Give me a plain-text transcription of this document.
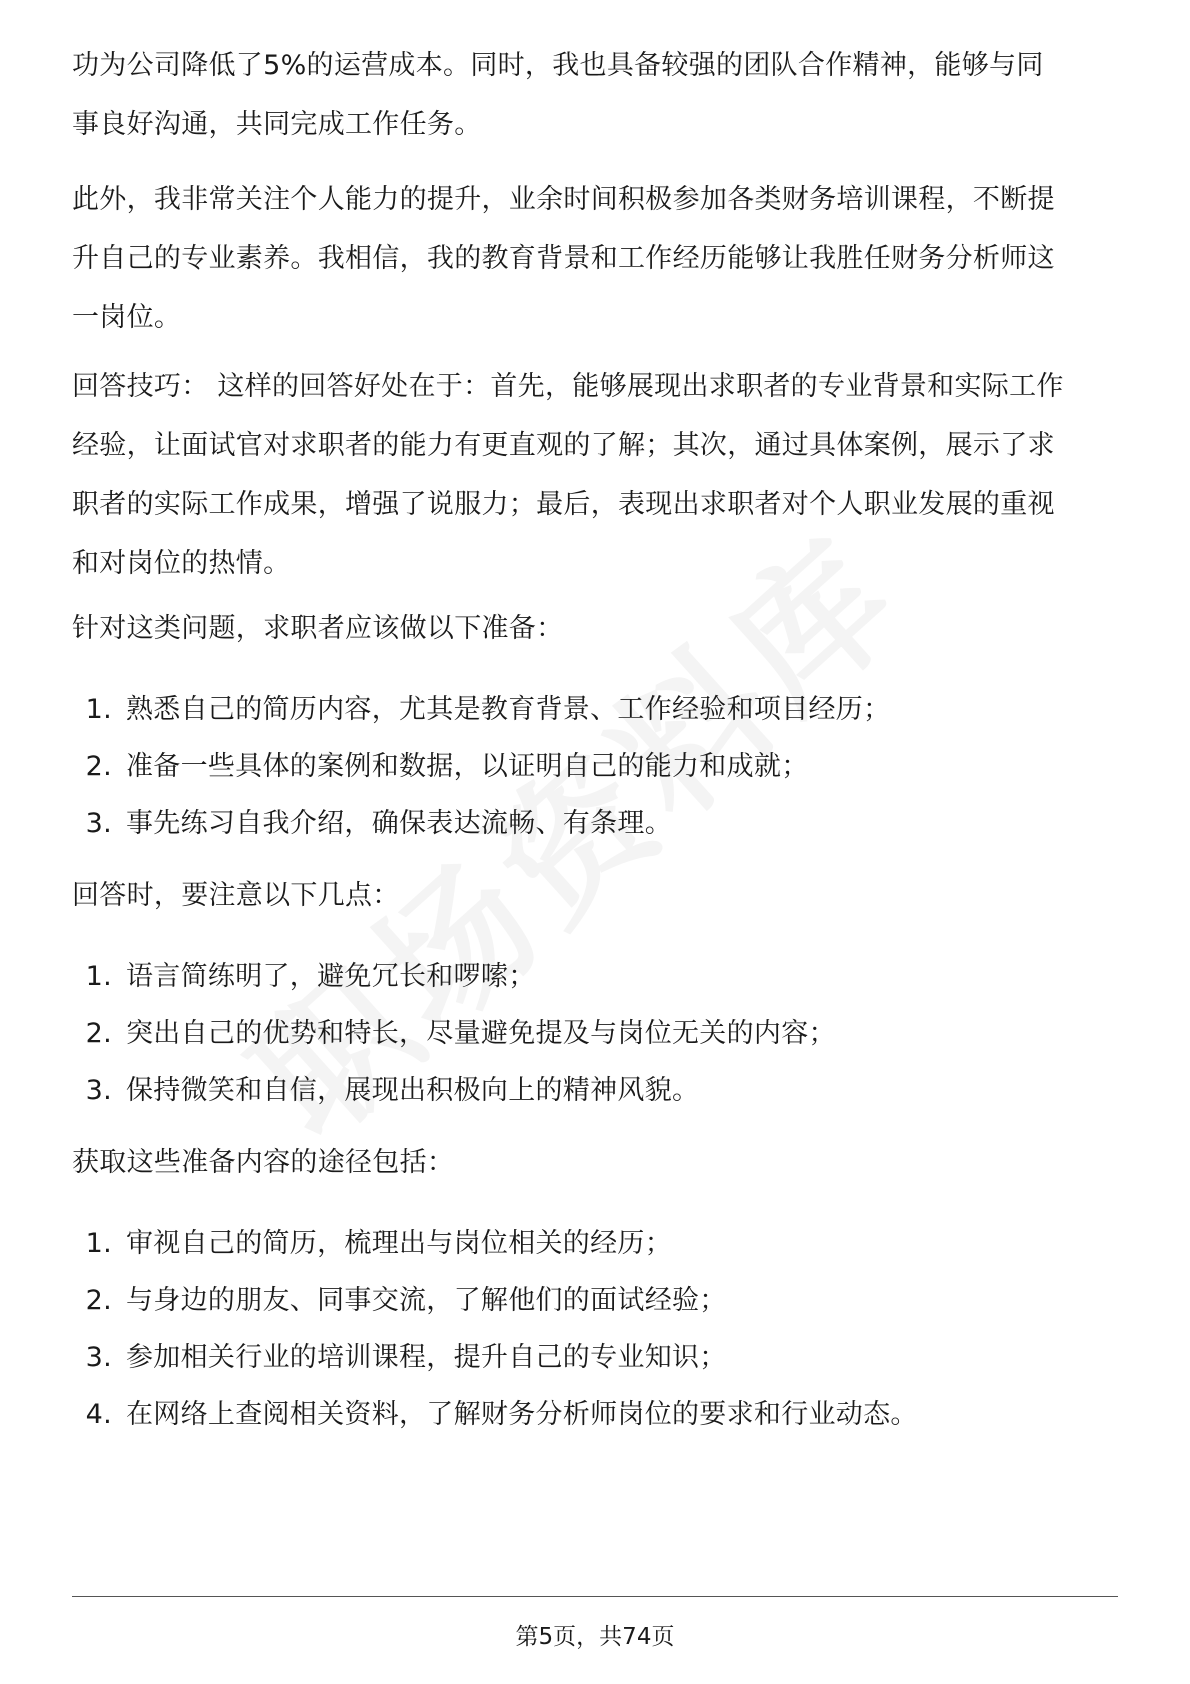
功为公司降低了5%的运营成本。同时，我也具备较强的团队合作精神，能够与同
事良好沟通，共同完成工作任务。

此外，我非常关注个人能力的提升，业余时间积极参加各类财务培训课程，不断提
升自己的专业素养。我相信，我的教育背景和工作经历能够让我胜任财务分析师这
一岗位。

回答技巧： 这样的回答好处在于：首先，能够展现出求职者的专业背景和实际工作
经验，让面试官对求职者的能力有更直观的了解；其次，通过具体案例，展示了求
职者的实际工作成果，增强了说服力；最后，表现出求职者对个人职业发展的重视
和对岗位的热情。

针对这类问题，求职者应该做以下准备：

1. 熟悉自己的简历内容，尤其是教育背景、工作经验和项目经历；
2. 准备一些具体的案例和数据，以证明自己的能力和成就；
3. 事先练习自我介绍，确保表达流畅、有条理。

回答时，要注意以下几点：

1. 语言简练明了，避免冗长和啰嗦；
2. 突出自己的优势和特长，尽量避免提及与岗位无关的内容；
3. 保持微笑和自信，展现出积极向上的精神风貌。

获取这些准备内容的途径包括：

1. 审视自己的简历，梳理出与岗位相关的经历；
2. 与身边的朋友、同事交流，了解他们的面试经验；
3. 参加相关行业的培训课程，提升自己的专业知识；
4. 在网络上查阅相关资料，了解财务分析师岗位的要求和行业动态。
第5页，共74页
